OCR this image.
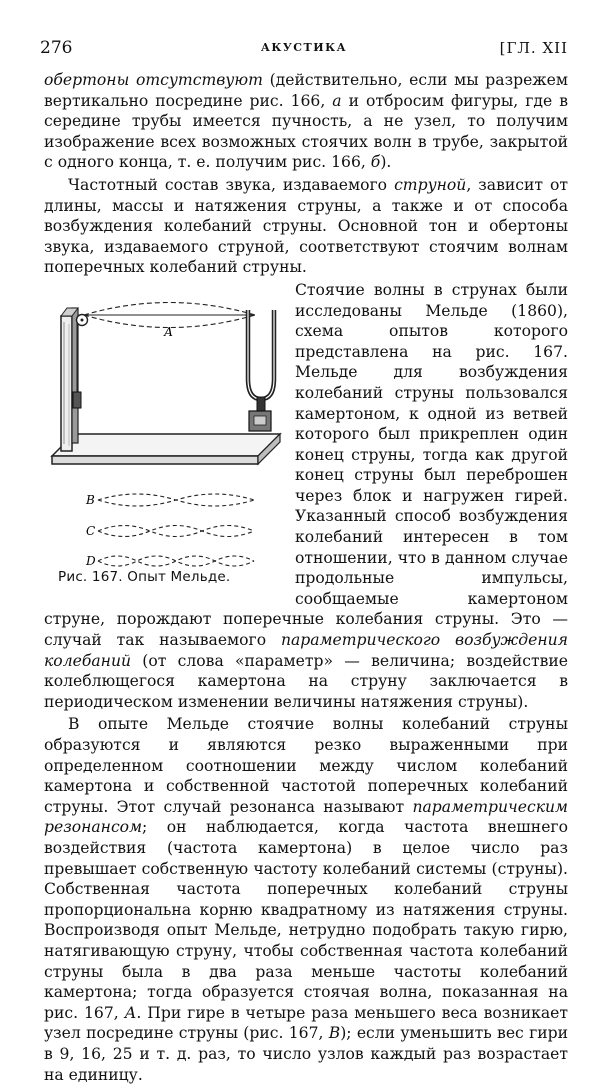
276	АКУСТИКА	[ГЛ. XII

обертоны отсутствуют (действительно, если мы разрежем вертикально посредине рис. 166, а и отбросим фигуры, где в середине трубы имеется пучность, а не узел, то получим изображение всех возможных стоячих волн в трубе, закрытой с одного конца, т. е. получим рис. 166, б).

Частотный состав звука, издаваемого струной, зависит от длины, массы и натяжения струны, а также и от способа возбуждения колебаний струны. Основной тон и обертоны звука, издаваемого струной, соответствуют стоячим волнам поперечных колебаний струны.

А
В
С
D
Рис. 167. Опыт Мельде.
Стоячие волны в струнах были исследованы Мельде (1860), схема опытов которого представлена на рис. 167. Мельде для возбуждения колебаний струны пользовался камертоном, к одной из ветвей которого был прикреплен один конец струны, тогда как другой конец струны был переброшен через блок и нагружен гирей. Указанный способ возбуждения колебаний интересен в том отношении, что в данном случае продольные импульсы, сообщаемые камертоном струне, порождают поперечные колебания струны. Это — случай так называемого параметрического возбуждения колебаний (от слова «параметр» — величина; воздействие колеблющегося камертона на струну заключается в периодическом изменении величины натяжения струны).

В опыте Мельде стоячие волны колебаний струны образуются и являются резко выраженными при определенном соотношении между числом колебаний камертона и собственной частотой поперечных колебаний струны. Этот случай резонанса называют параметрическим резонансом; он наблюдается, когда частота внешнего воздействия (частота камертона) в целое число раз превышает собственную частоту колебаний системы (струны). Собственная частота поперечных колебаний струны пропорциональна корню квадратному из натяжения струны. Воспроизводя опыт Мельде, нетрудно подобрать такую гирю, натягивающую струну, чтобы собственная частота колебаний струны была в два раза меньше частоты колебаний камертона; тогда образуется стоячая волна, показанная на рис. 167, А. При гире в четыре раза меньшего веса возникает узел посредине струны (рис. 167, В); если уменьшить вес гири в 9, 16, 25 и т. д. раз, то число узлов каждый раз возрастает на единицу.
